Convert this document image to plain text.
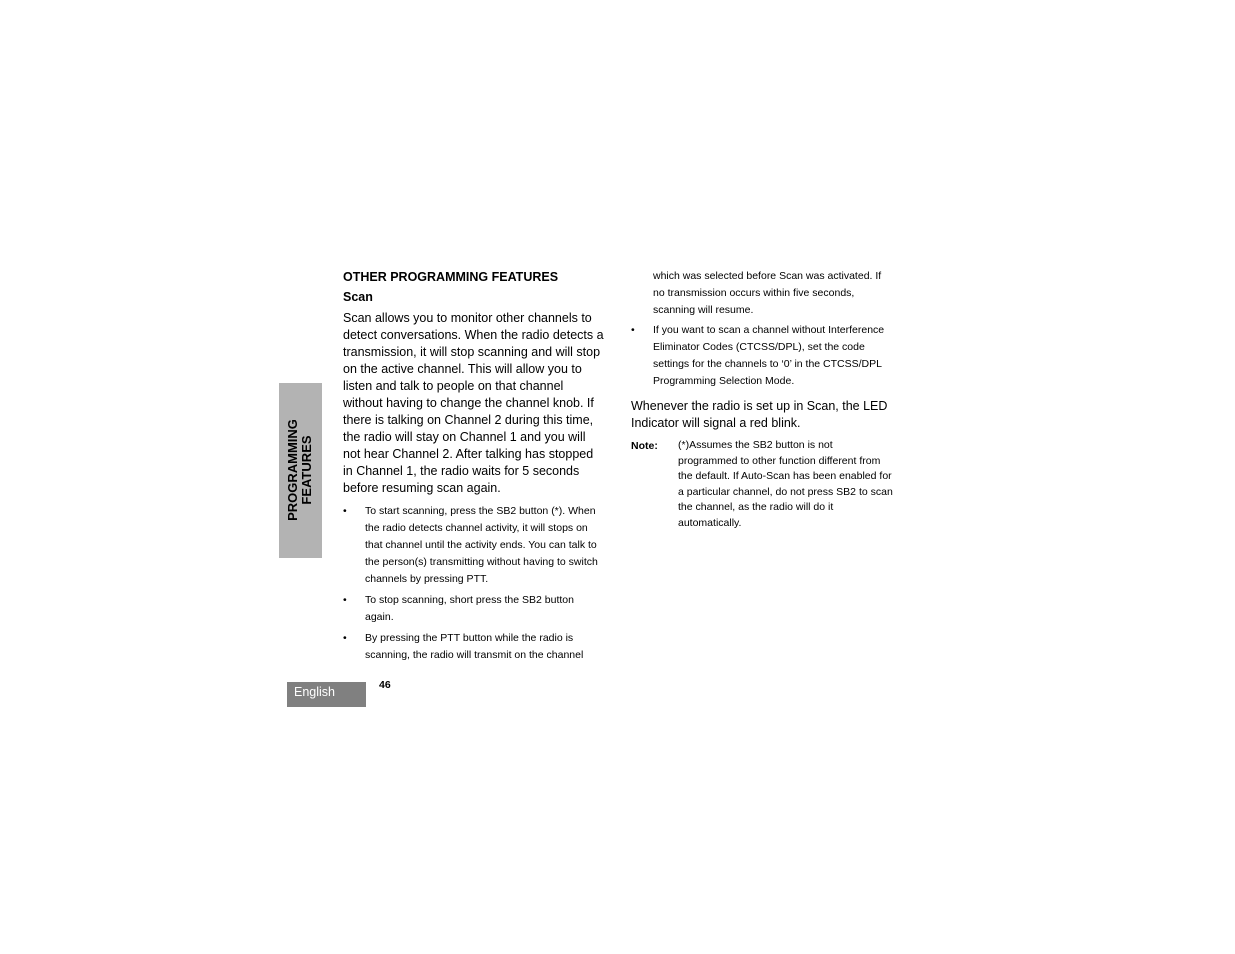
PROGRAMMING FEATURES
OTHER PROGRAMMING FEATURES
Scan

Scan allows you to monitor other channels to detect conversations. When the radio detects a transmission, it will stop scanning and will stop on the active channel. This will allow you to listen and talk to people on that channel without having to change the channel knob. If there is talking on Channel 2 during this time, the radio will stay on Channel 1 and you will not hear Channel 2. After talking has stopped in Channel 1, the radio waits for 5 seconds before resuming scan again.

• To start scanning, press the SB2 button (*). When the radio detects channel activity, it will stops on that channel until the activity ends. You can talk to the person(s) transmitting without having to switch channels by pressing PTT.
• To stop scanning, short press the SB2 button again.
• By pressing the PTT button while the radio is scanning, the radio will transmit on the channel

which was selected before Scan was activated. If no transmission occurs within five seconds, scanning will resume.

• If you want to scan a channel without Interference Eliminator Codes (CTCSS/DPL), set the code settings for the channels to ‘0’ in the CTCSS/DPL Programming Selection Mode.

Whenever the radio is set up in Scan, the LED Indicator will signal a red blink.

Note:	(*)Assumes the SB2 button is not programmed to other function different from the default. If Auto-Scan has been enabled for a particular channel, do not press SB2 to scan the channel, as the radio will do it automatically.
English	46
